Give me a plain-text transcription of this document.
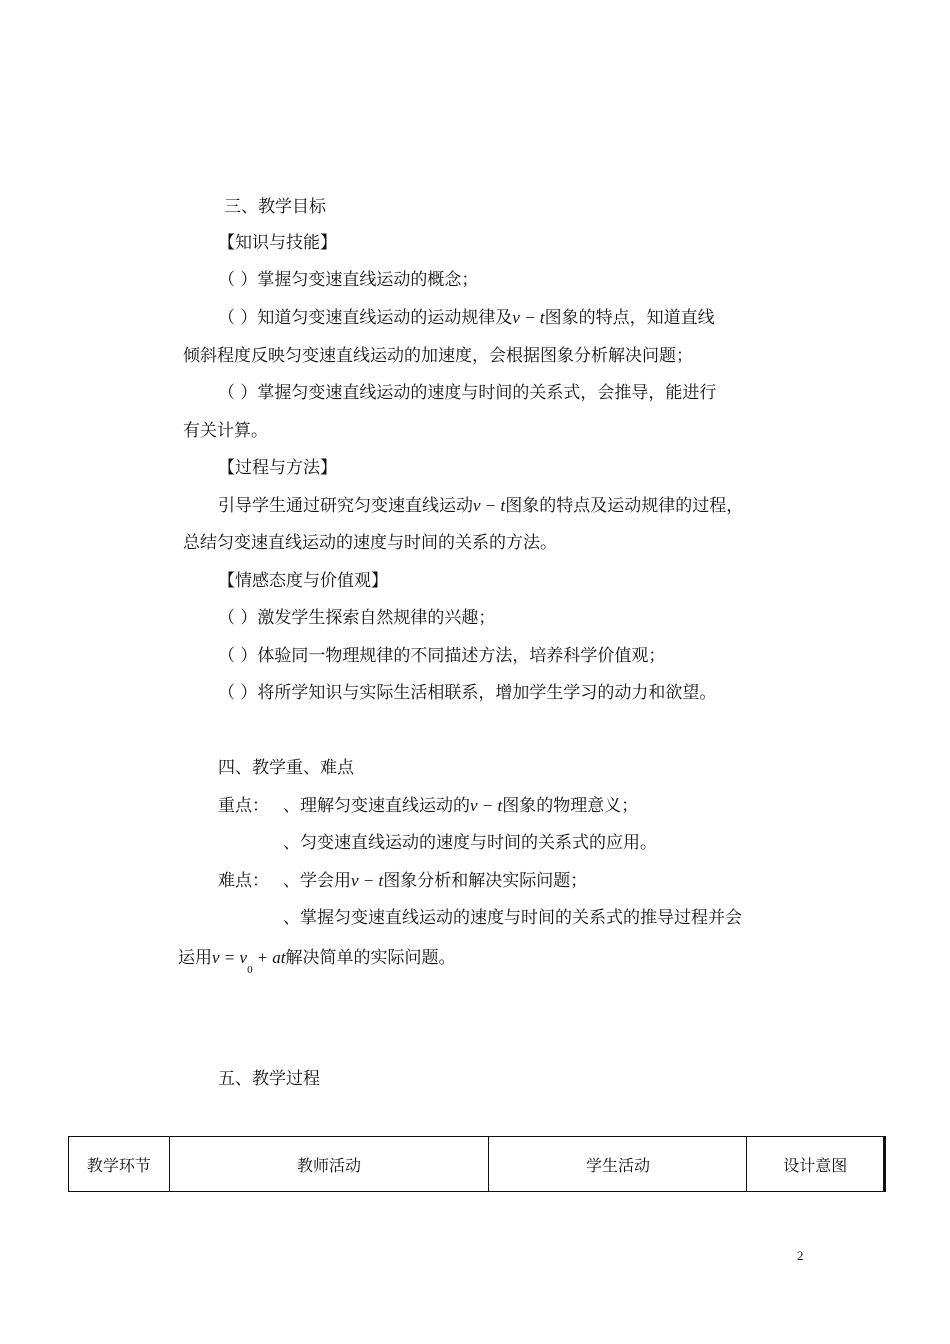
三、教学目标
【知识与技能】
（ ）掌握匀变速直线运动的概念；
（ ）知道匀变速直线运动的运动规律及v − t图象的特点，知道直线
倾斜程度反映匀变速直线运动的加速度，会根据图象分析解决问题；
（ ）掌握匀变速直线运动的速度与时间的关系式，会推导，能进行
有关计算。
【过程与方法】
引导学生通过研究匀变速直线运动v − t图象的特点及运动规律的过程，
总结匀变速直线运动的速度与时间的关系的方法。
【情感态度与价值观】
（ ）激发学生探索自然规律的兴趣；
（ ）体验同一物理规律的不同描述方法，培养科学价值观；
（ ）将所学知识与实际生活相联系，增加学生学习的动力和欲望。
四、教学重、难点
重点： 、理解匀变速直线运动的v − t图象的物理意义；
、匀变速直线运动的速度与时间的关系式的应用。
难点： 、学会用v − t图象分析和解决实际问题；
、掌握匀变速直线运动的速度与时间的关系式的推导过程并会
运用$v = v_0+$ at解决简单的实际问题。
五、教学过程
教学环节	教师活动	学生活动	设计意图
2
